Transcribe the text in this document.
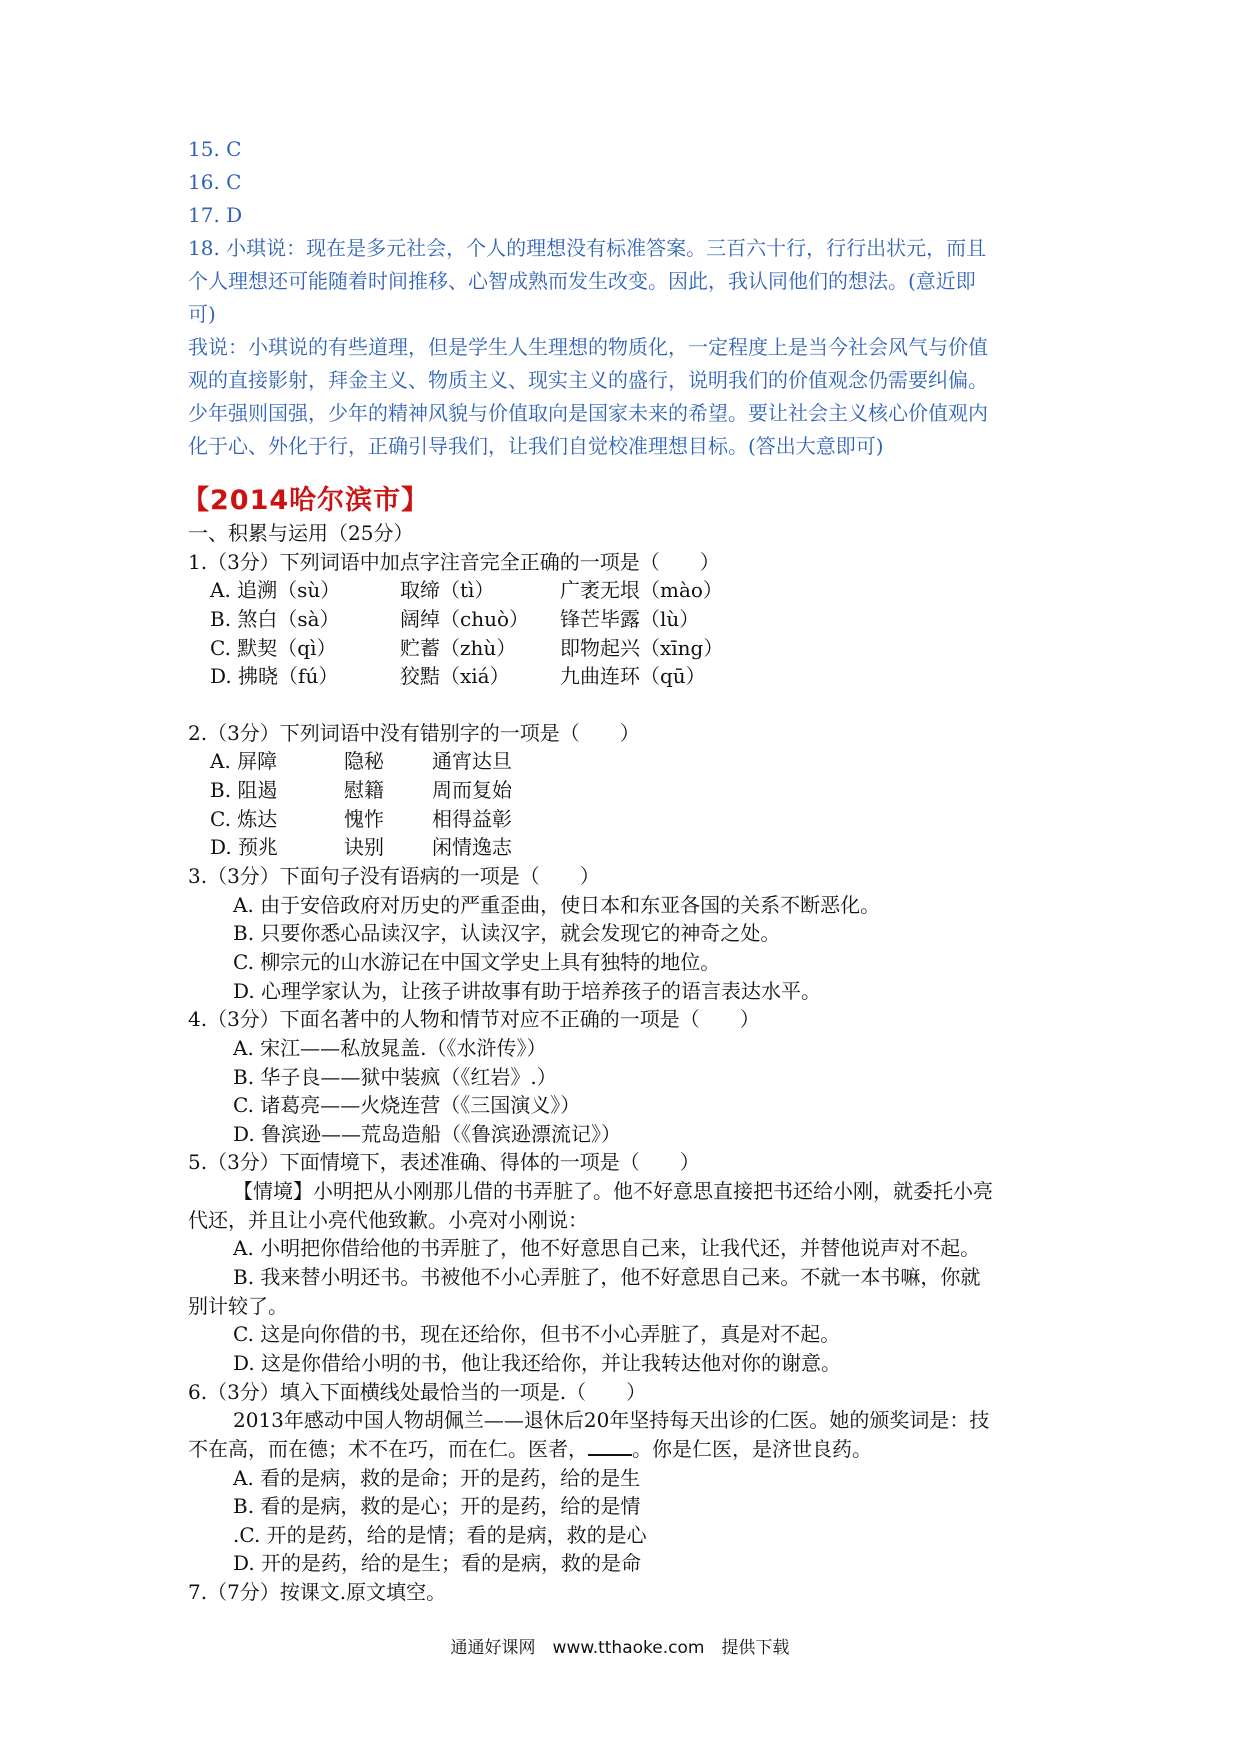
15. C
16. C
17. D
18. 小琪说：现在是多元社会，个人的理想没有标准答案。三百六十行，行行出状元，而且
个人理想还可能随着时间推移、心智成熟而发生改变。因此，我认同他们的想法。(意近即
可)
我说：小琪说的有些道理，但是学生人生理想的物质化，一定程度上是当今社会风气与价值
观的直接影射，拜金主义、物质主义、现实主义的盛行，说明我们的价值观念仍需要纠偏。
少年强则国强，少年的精神风貌与价值取向是国家未来的希望。要让社会主义核心价值观内
化于心、外化于行，正确引导我们，让我们自觉校准理想目标。(答出大意即可)
【2014哈尔滨市】
一、积累与运用（25分）
1.（3分）下列词语中加点字注音完全正确的一项是（　　）
A. 追溯（sù）	取缔（tì）	广袤无垠（mào）
B. 煞白（sà）	阔绰（chuò）锋芒毕露（lù）
C. 默契（qì）	贮蓄（zhù） 即物起兴（xīng）
D. 拂晓（fú）	狡黠（xiá）	九曲连环（qū）
2.（3分）下列词语中没有错别字的一项是（　　）
A. 屏障	隐秘 通宵达旦
B. 阻遏	慰籍 周而复始
C. 炼达	愧怍 相得益彰
D. 预兆	诀别 闲情逸志
3.（3分）下面句子没有语病的一项是（　　）
A. 由于安倍政府对历史的严重歪曲，使日本和东亚各国的关系不断恶化。
B. 只要你悉心品读汉字，认读汉字，就会发现它的神奇之处。
C. 柳宗元的山水游记在中国文学史上具有独特的地位。
D. 心理学家认为，让孩子讲故事有助于培养孩子的语言表达水平。
4.（3分）下面名著中的人物和情节对应不正确的一项是（　　）
A. 宋江——私放晁盖.（《水浒传》）
B. 华子良——狱中装疯（《红岩》.）
C. 诸葛亮——火烧连营（《三国演义》）
D. 鲁滨逊——荒岛造船（《鲁滨逊漂流记》）
5.（3分）下面情境下，表述准确、得体的一项是（　　）
【情境】小明把从小刚那儿借的书弄脏了。他不好意思直接把书还给小刚，就委托小亮
代还，并且让小亮代他致歉。小亮对小刚说：
A. 小明把你借给他的书弄脏了，他不好意思自己来，让我代还，并替他说声对不起。
B. 我来替小明还书。书被他不小心弄脏了，他不好意思自己来。不就一本书嘛，你就
别计较了。
C. 这是向你借的书，现在还给你，但书不小心弄脏了，真是对不起。
D. 这是你借给小明的书，他让我还给你，并让我转达他对你的谢意。
6.（3分）填入下面横线处最恰当的一项是.（　　）
2013年感动中国人物胡佩兰——退休后20年坚持每天出诊的仁医。她的颁奖词是：技
不在高，而在德；术不在巧，而在仁。医者， 。你是仁医，是济世良药。
A. 看的是病，救的是命；开的是药，给的是生
B. 看的是病，救的是心；开的是药，给的是情
.C. 开的是药，给的是情；看的是病，救的是心
D. 开的是药，给的是生；看的是病，救的是命
7.（7分）按课文.原文填空。
通通好课网　www.tthaoke.com　提供下载
